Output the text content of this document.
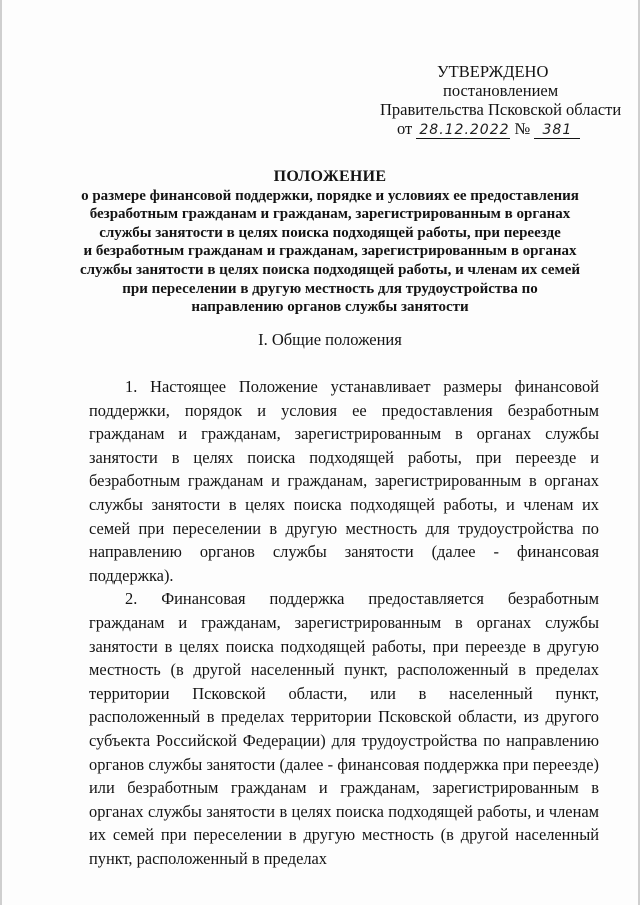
УТВЕРЖДЕНО
постановлением
Правительства Псковской области
от 28.12.2022 № 381
ПОЛОЖЕНИЕ
о размере финансовой поддержки, порядке и условиях ее предоставления
безработным гражданам и гражданам, зарегистрированным в органах
службы занятости в целях поиска подходящей работы, при переезде
и безработным гражданам и гражданам, зарегистрированным в органах
службы занятости в целях поиска подходящей работы, и членам их семей
при переселении в другую местность для трудоустройства по
направлению органов службы занятости
I. Общие положения

1. Настоящее Положение устанавливает размеры финансовой поддержки, порядок и условия ее предоставления безработным гражданам и гражданам, зарегистрированным в органах службы занятости в целях поиска подходящей работы, при переезде и безработным гражданам и гражданам, зарегистрированным в органах службы занятости в целях поиска подходящей работы, и членам их семей при переселении в другую местность для трудоустройства по направлению органов службы занятости (далее - финансовая поддержка).

2. Финансовая поддержка предоставляется безработным гражданам и гражданам, зарегистрированным в органах службы занятости в целях поиска подходящей работы, при переезде в другую местность (в другой населенный пункт, расположенный в пределах территории Псковской области, или в населенный пункт, расположенный в пределах территории Псковской области, из другого субъекта Российской Федерации) для трудоустройства по направлению органов службы занятости (далее - финансовая поддержка при переезде) или безработным гражданам и гражданам, зарегистрированным в органах службы занятости в целях поиска подходящей работы, и членам их семей при переселении в другую местность (в другой населенный пункт, расположенный в пределах
